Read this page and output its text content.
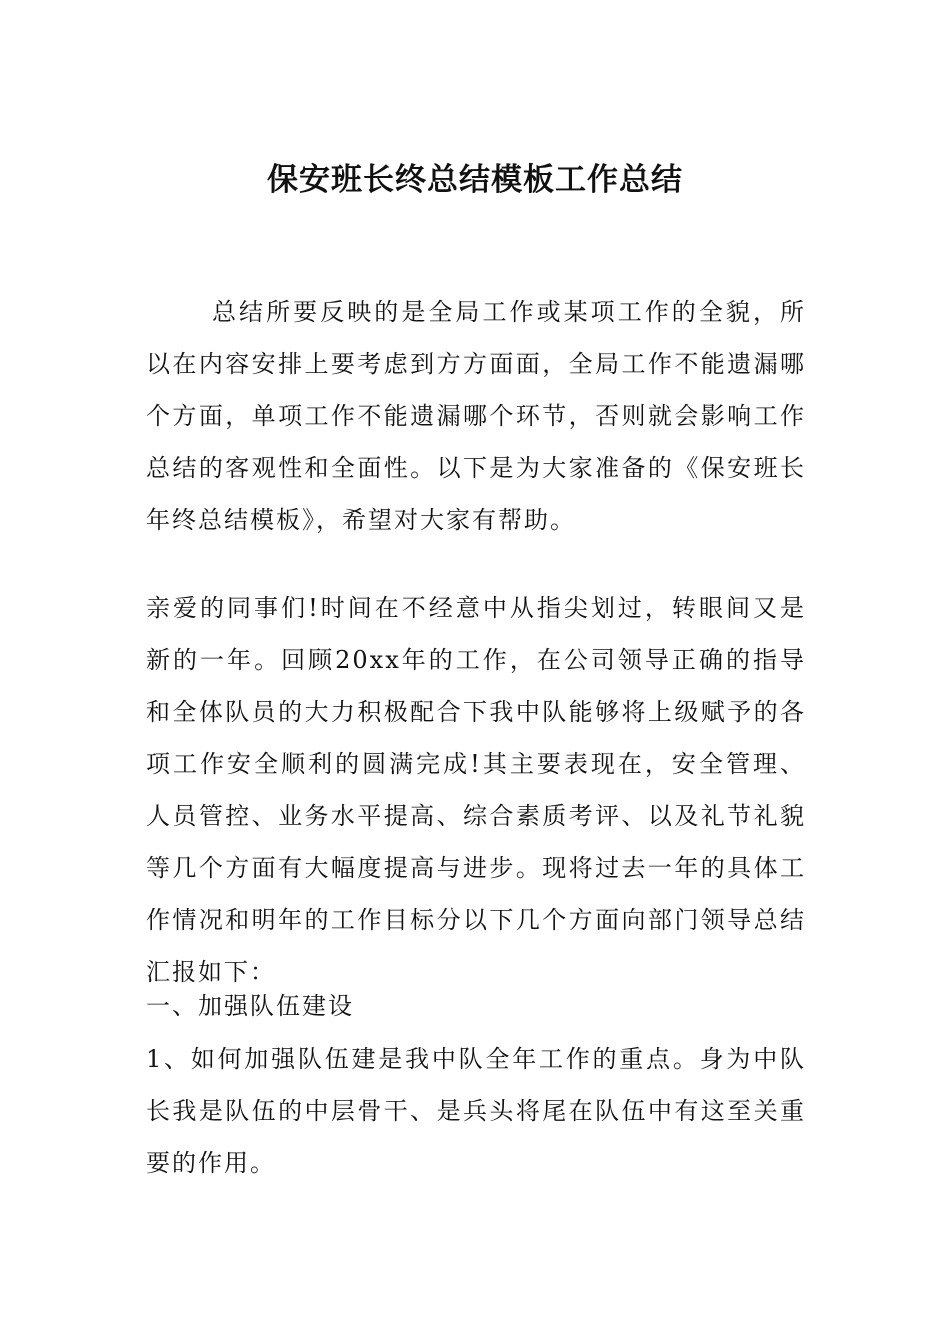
保安班长终总结模板工作总结

总结所要反映的是全局工作或某项工作的全貌，所以在内容安排上要考虑到方方面面，全局工作不能遗漏哪个方面，单项工作不能遗漏哪个环节，否则就会影响工作总结的客观性和全面性。以下是为大家准备的《保安班长年终总结模板》，希望对大家有帮助。

亲爱的同事们!时间在不经意中从指尖划过，转眼间又是新的一年。回顾20xx年的工作，在公司领导正确的指导和全体队员的大力积极配合下我中队能够将上级赋予的各项工作安全顺利的圆满完成!其主要表现在，安全管理、人员管控、业务水平提高、综合素质考评、以及礼节礼貌等几个方面有大幅度提高与进步。现将过去一年的具体工作情况和明年的工作目标分以下几个方面向部门领导总结汇报如下：

一、加强队伍建设

1、如何加强队伍建是我中队全年工作的重点。身为中队长我是队伍的中层骨干、是兵头将尾在队伍中有这至关重要的作用。
